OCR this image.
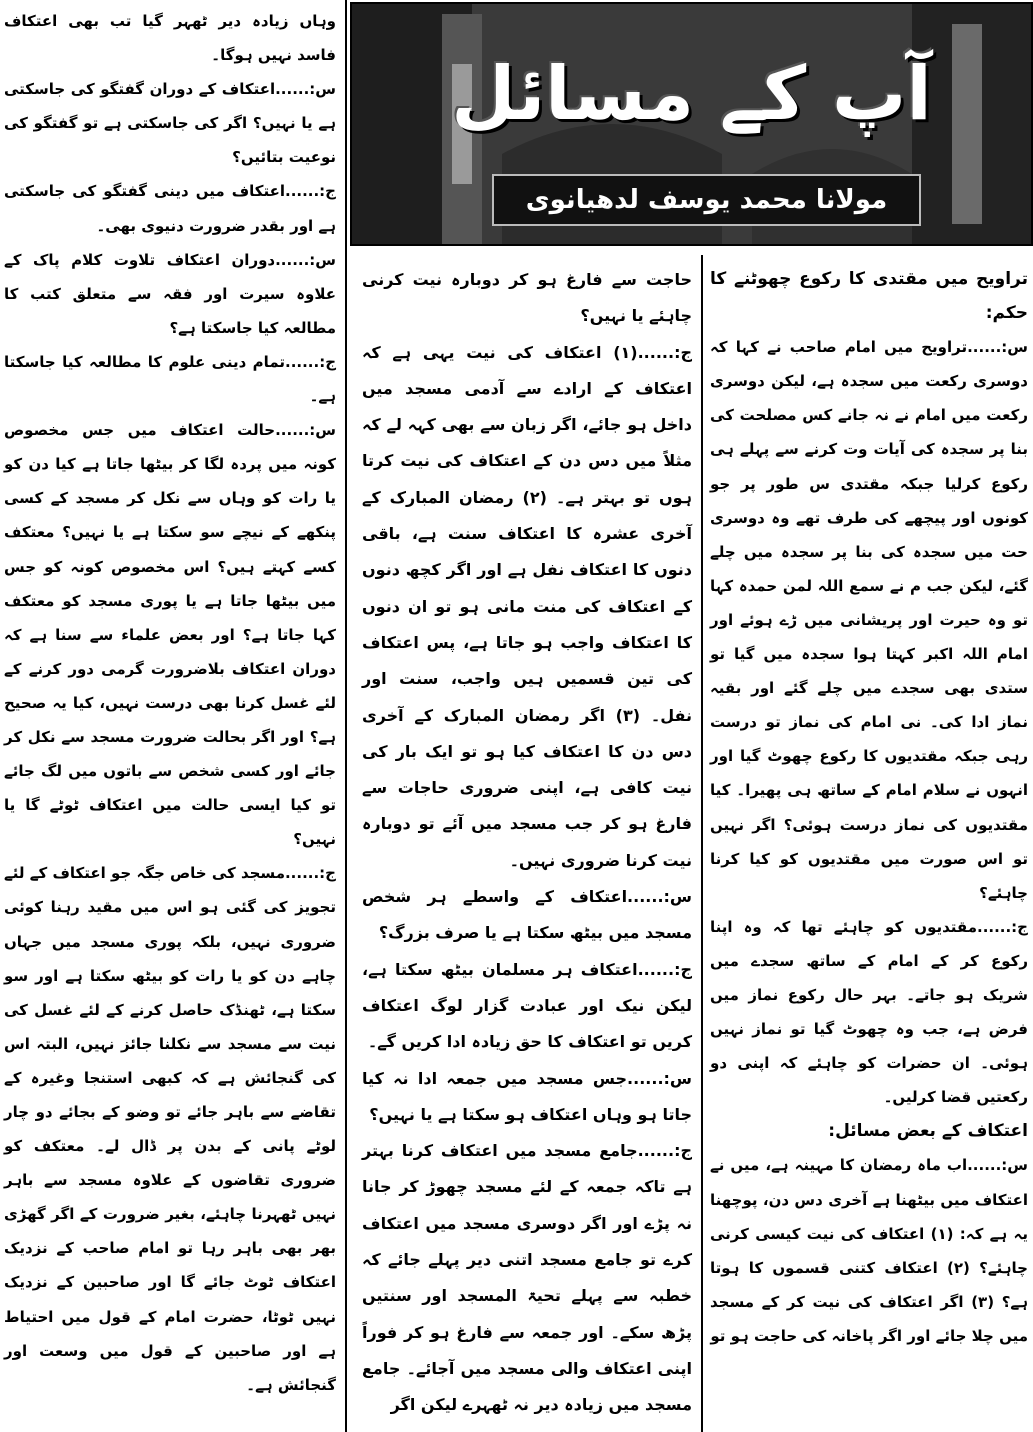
آپ کے مسائل
مولانا محمد یوسف لدھیانوی

تراویح میں مقتدی کا رکوع چھوٹنے کا حکم:

س:......تراویح میں امام صاحب نے کہا کہ دوسری رکعت میں سجدہ ہے، لیکن دوسری رکعت میں امام نے نہ جانے کس مصلحت کی بنا پر سجدہ کی آیات وت کرنے سے پہلے ہی رکوع کرلیا جبکہ مقتدی س طور پر جو کونوں اور پیچھے کی طرف تھے وہ دوسری حت میں سجدہ کی بنا پر سجدہ میں چلے گئے، لیکن جب م نے سمع اللہ لمن حمدہ کہا تو وہ حیرت اور پریشانی میں ڑے ہوئے اور امام اللہ اکبر کہتا ہوا سجدہ میں گیا تو ستدی بھی سجدے میں چلے گئے اور بقیہ نماز ادا کی۔ نی امام کی نماز تو درست رہی جبکہ مقتدیوں کا رکوع چھوٹ گیا اور انہوں نے سلام امام کے ساتھ ہی پھیرا۔ کیا مقتدیوں کی نماز درست ہوئی؟ اگر نہیں تو اس صورت میں مقتدیوں کو کیا کرنا چاہئے؟

ج:......مقتدیوں کو چاہئے تھا کہ وہ اپنا رکوع کر کے امام کے ساتھ سجدے میں شریک ہو جاتے۔ بہر حال رکوع نماز میں فرض ہے، جب وہ چھوٹ گیا تو نماز نہیں ہوئی۔ ان حضرات کو چاہئے کہ اپنی دو رکعتیں قضا کرلیں۔

اعتکاف کے بعض مسائل:

س:......اب ماہ رمضان کا مہینہ ہے، میں نے اعتکاف میں بیٹھنا ہے آخری دس دن، پوچھنا یہ ہے کہ: (۱) اعتکاف کی نیت کیسی کرنی چاہئے؟ (۲) اعتکاف کتنی قسموں کا ہوتا ہے؟ (۳) اگر اعتکاف کی نیت کر کے مسجد میں چلا جائے اور اگر پاخانہ کی حاجت ہو تو

حاجت سے فارغ ہو کر دوبارہ نیت کرنی چاہئے یا نہیں؟

ج:......(۱) اعتکاف کی نیت یہی ہے کہ اعتکاف کے ارادے سے آدمی مسجد میں داخل ہو جائے، اگر زبان سے بھی کہہ لے کہ مثلاً میں دس دن کے اعتکاف کی نیت کرتا ہوں تو بہتر ہے۔ (۲) رمضان المبارک کے آخری عشرہ کا اعتکاف سنت ہے، باقی دنوں کا اعتکاف نفل ہے اور اگر کچھ دنوں کے اعتکاف کی منت مانی ہو تو ان دنوں کا اعتکاف واجب ہو جاتا ہے، پس اعتکاف کی تین قسمیں ہیں واجب، سنت اور نفل۔ (۳) اگر رمضان المبارک کے آخری دس دن کا اعتکاف کیا ہو تو ایک بار کی نیت کافی ہے، اپنی ضروری حاجات سے فارغ ہو کر جب مسجد میں آئے تو دوبارہ نیت کرنا ضروری نہیں۔

س:......اعتکاف کے واسطے ہر شخص مسجد میں بیٹھ سکتا ہے یا صرف بزرگ؟

ج:......اعتکاف ہر مسلمان بیٹھ سکتا ہے، لیکن نیک اور عبادت گزار لوگ اعتکاف کریں تو اعتکاف کا حق زیادہ ادا کریں گے۔

س:......جس مسجد میں جمعہ ادا نہ کیا جاتا ہو وہاں اعتکاف ہو سکتا ہے یا نہیں؟

ج:......جامع مسجد میں اعتکاف کرنا بہتر ہے تاکہ جمعہ کے لئے مسجد چھوڑ کر جانا نہ پڑے اور اگر دوسری مسجد میں اعتکاف کرے تو جامع مسجد اتنی دیر پہلے جائے کہ خطبہ سے پہلے تحیۃ المسجد اور سنتیں پڑھ سکے۔ اور جمعہ سے فارغ ہو کر فوراً اپنی اعتکاف والی مسجد میں آجائے۔ جامع مسجد میں زیادہ دیر نہ ٹھہرے لیکن اگر

وہاں زیادہ دیر ٹھہر گیا تب بھی اعتکاف فاسد نہیں ہوگا۔

س:......اعتکاف کے دوران گفتگو کی جاسکتی ہے یا نہیں؟ اگر کی جاسکتی ہے تو گفتگو کی نوعیت بتائیں؟

ج:......اعتکاف میں دینی گفتگو کی جاسکتی ہے اور بقدر ضرورت دنیوی بھی۔

س:......دوران اعتکاف تلاوت کلام پاک کے علاوہ سیرت اور فقہ سے متعلق کتب کا مطالعہ کیا جاسکتا ہے؟

ج:......تمام دینی علوم کا مطالعہ کیا جاسکتا ہے۔

س:......حالت اعتکاف میں جس مخصوص کونہ میں پردہ لگا کر بیٹھا جاتا ہے کیا دن کو یا رات کو وہاں سے نکل کر مسجد کے کسی پنکھے کے نیچے سو سکتا ہے یا نہیں؟ معتکف کسے کہتے ہیں؟ اس مخصوص کونہ کو جس میں بیٹھا جاتا ہے یا پوری مسجد کو معتکف کہا جاتا ہے؟ اور بعض علماء سے سنا ہے کہ دوران اعتکاف بلاضرورت گرمی دور کرنے کے لئے غسل کرنا بھی درست نہیں، کیا یہ صحیح ہے؟ اور اگر بحالت ضرورت مسجد سے نکل کر جائے اور کسی شخص سے باتوں میں لگ جائے تو کیا ایسی حالت میں اعتکاف ٹوٹے گا یا نہیں؟

ج:......مسجد کی خاص جگہ جو اعتکاف کے لئے تجویز کی گئی ہو اس میں مقید رہنا کوئی ضروری نہیں، بلکہ پوری مسجد میں جہاں چاہے دن کو یا رات کو بیٹھ سکتا ہے اور سو سکتا ہے، ٹھنڈک حاصل کرنے کے لئے غسل کی نیت سے مسجد سے نکلنا جائز نہیں، البتہ اس کی گنجائش ہے کہ کبھی استنجا وغیرہ کے تقاضے سے باہر جائے تو وضو کے بجائے دو چار لوٹے پانی کے بدن پر ڈال لے۔ معتکف کو ضروری تقاضوں کے علاوہ مسجد سے باہر نہیں ٹھہرنا چاہئے، بغیر ضرورت کے اگر گھڑی بھر بھی باہر رہا تو امام صاحب کے نزدیک اعتکاف ٹوٹ جائے گا اور صاحبین کے نزدیک نہیں ٹوٹا، حضرت امام کے قول میں احتیاط ہے اور صاحبین کے قول میں وسعت اور گنجائش ہے۔
